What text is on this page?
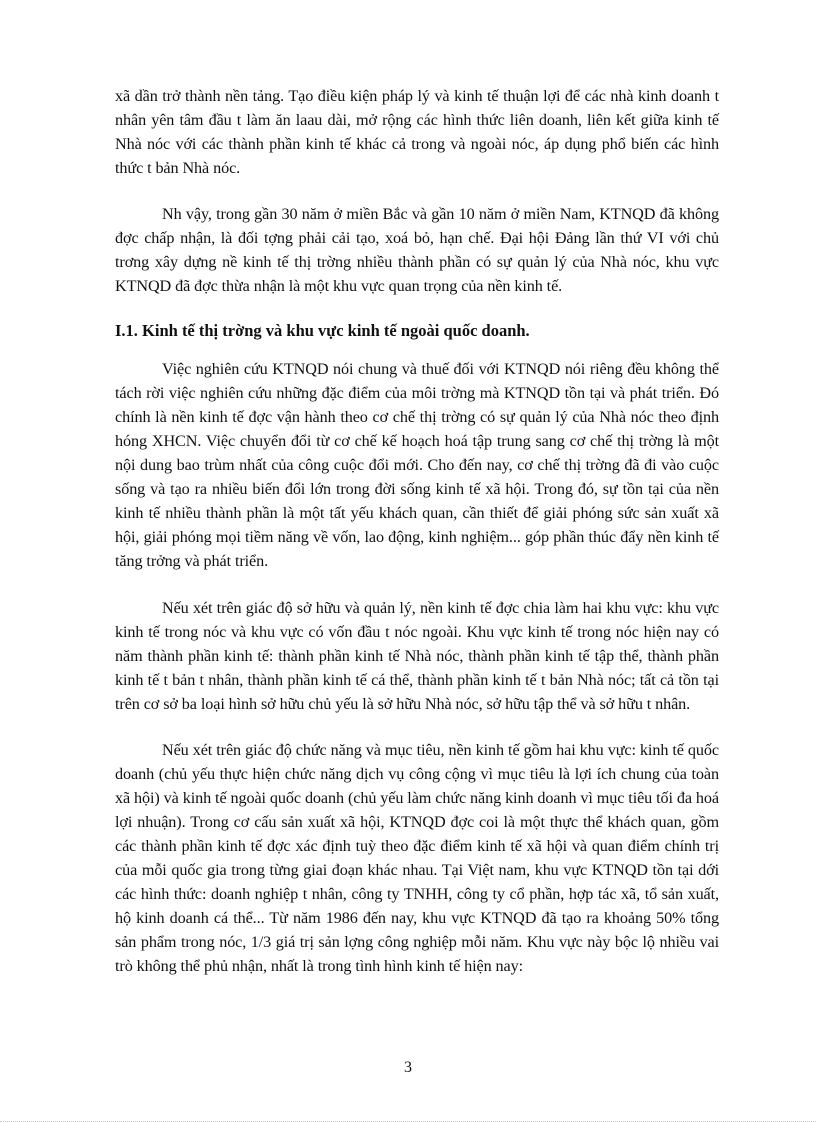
xã dần trở thành nền tảng. Tạo điều kiện pháp lý và kinh tế thuận lợi để các nhà kinh doanh t nhân yên tâm đầu t làm ăn laau dài, mở rộng các hình thức liên doanh, liên kết giữa kinh tế Nhà nóc với các thành phần kinh tế khác cả trong và ngoài nóc, áp dụng phổ biến các hình thức t bản Nhà nóc.

Nh vậy, trong gần 30 năm ở miền Bắc và gần 10 năm ở miền Nam, KTNQD đã không đợc chấp nhận, là đối tợng phải cải tạo, xoá bỏ, hạn chế. Đại hội Đảng lần thứ VI với chủ trơng xây dựng nề kinh tế thị trờng nhiều thành phần có sự quản lý của Nhà nóc, khu vực KTNQD đã đợc thừa nhận là một khu vực quan trọng của nền kinh tế.

I.1. Kinh tế thị trờng và khu vực kinh tế ngoài quốc doanh.

Việc nghiên cứu KTNQD nói chung và thuế đối với KTNQD nói riêng đều không thể tách rời việc nghiên cứu những đặc điểm của môi trờng mà KTNQD tồn tại và phát triển. Đó chính là nền kinh tế đợc vận hành theo cơ chế thị trờng có sự quản lý của Nhà nóc theo định hóng XHCN. Việc chuyển đổi từ cơ chế kế hoạch hoá tập trung sang cơ chế thị trờng là một nội dung bao trùm nhất của công cuộc đổi mới. Cho đến nay, cơ chế thị trờng đã đi vào cuộc sống và tạo ra nhiều biến đổi lớn trong đời sống kinh tế xã hội. Trong đó, sự tồn tại của nền kinh tế nhiều thành phần là một tất yếu khách quan, cần thiết để giải phóng sức sản xuất xã hội, giải phóng mọi tiềm năng về vốn, lao động, kinh nghiệm... góp phần thúc đẩy nền kinh tế tăng trởng và phát triển.

Nếu xét trên giác độ sở hữu và quản lý, nền kinh tế đợc chia làm hai khu vực: khu vực kinh tế trong nóc và khu vực có vốn đầu t nóc ngoài. Khu vực kinh tế trong nóc hiện nay có năm thành phần kinh tế: thành phần kinh tế Nhà nóc, thành phần kinh tế tập thể, thành phần kinh tế t bản t nhân, thành phần kinh tế cá thể, thành phần kinh tế t bản Nhà nóc; tất cả tồn tại trên cơ sở ba loại hình sở hữu chủ yếu là sở hữu Nhà nóc, sở hữu tập thể và sở hữu t nhân.

Nếu xét trên giác độ chức năng và mục tiêu, nền kinh tế gồm hai khu vực: kinh tế quốc doanh (chủ yếu thực hiện chức năng dịch vụ công cộng vì mục tiêu là lợi ích chung của toàn xã hội) và kinh tế ngoài quốc doanh (chủ yếu làm chức năng kinh doanh vì mục tiêu tối đa hoá lợi nhuận). Trong cơ cấu sản xuất xã hội, KTNQD đợc coi là một thực thể khách quan, gồm các thành phần kinh tế đợc xác định tuỳ theo đặc điểm kinh tế xã hội và quan điểm chính trị của mỗi quốc gia trong từng giai đoạn khác nhau. Tại Việt nam, khu vực KTNQD tồn tại dới các hình thức: doanh nghiệp t nhân, công ty TNHH, công ty cổ phần, hợp tác xã, tổ sản xuất, hộ kinh doanh cá thể... Từ năm 1986 đến nay, khu vực KTNQD đã tạo ra khoảng 50% tổng sản phẩm trong nóc, 1/3 giá trị sản lợng công nghiệp mỗi năm. Khu vực này bộc lộ nhiều vai trò không thể phủ nhận, nhất là trong tình hình kinh tế hiện nay:

3
